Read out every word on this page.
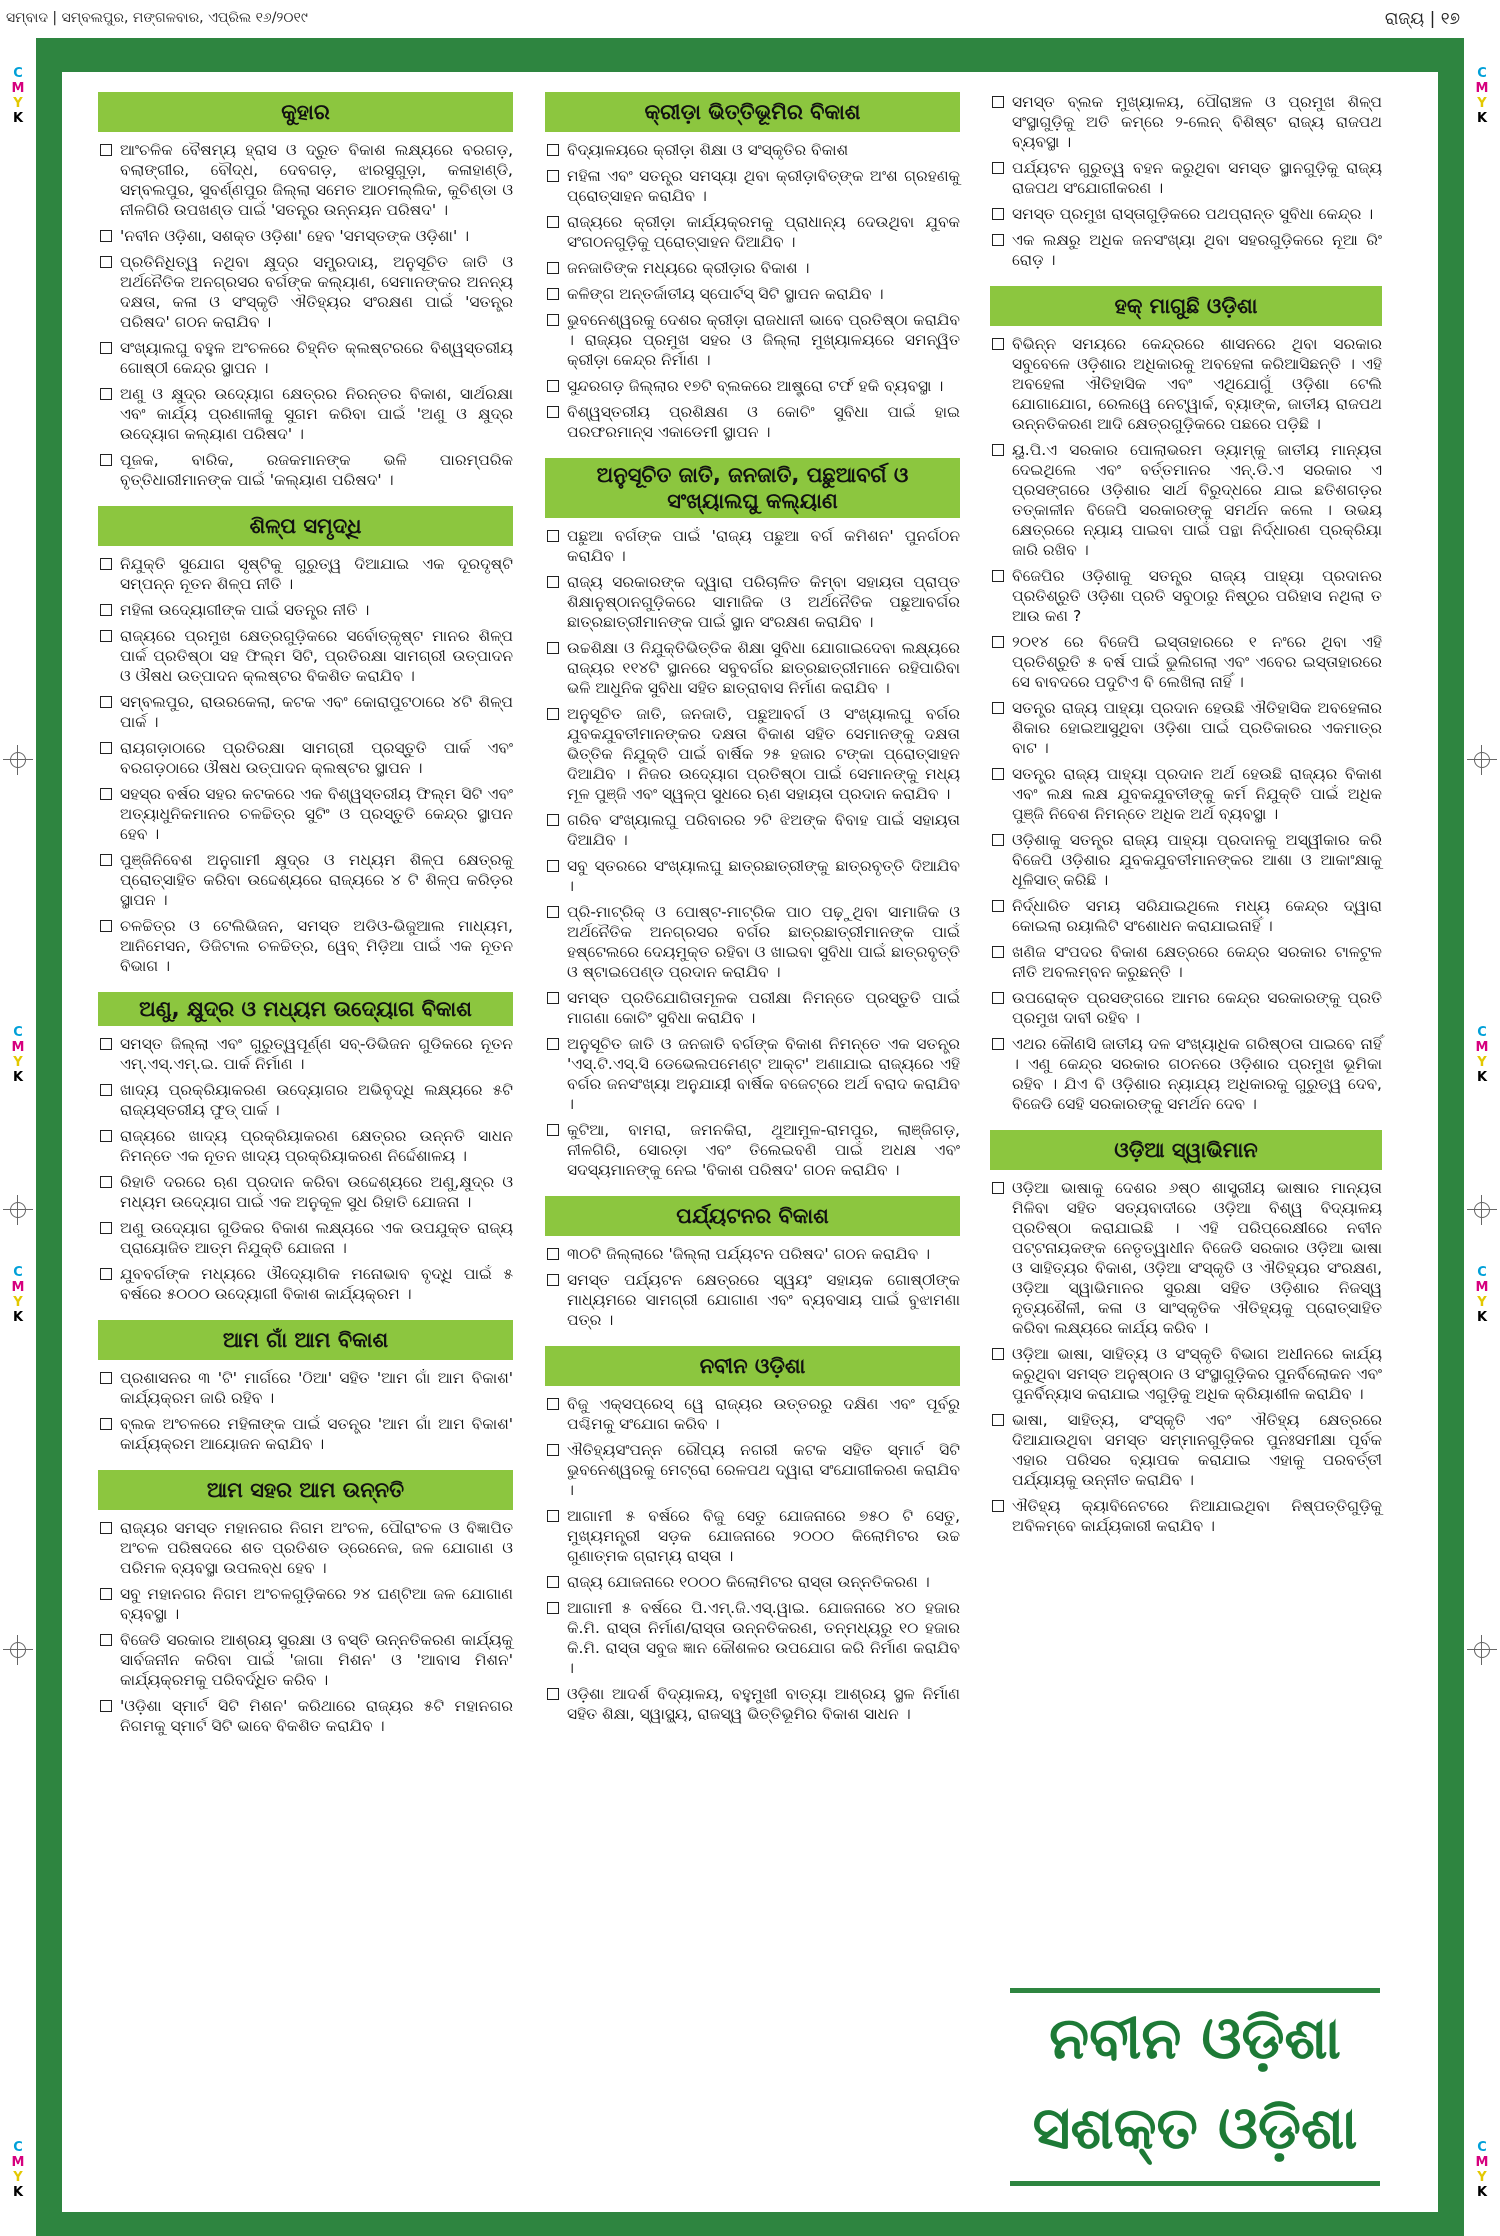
ସମ୍ବାଦ | ସମ୍ବଲପୁର, ମଙ୍ଗଳବାର, ଏପ୍ରିଲ ୧୬/୨୦୧୯	ରାଜ୍ୟ | ୧୭
C
M
Y
K
C
M
Y
K
C
M
Y
K
C
M
Y
K
C
M
Y
K
C
M
Y
K
C
M
Y
K
C
M
Y
K
କୁହାର
ଆଂଚଳିକ ବୈଷମ୍ୟ ହ୍ରାସ ଓ ଦ୍ରୁତ ବିକାଶ ଲକ୍ଷ୍ୟରେ ବରଗଡ଼, ବଲାଙ୍ଗୀର, ବୌଦ୍ଧ, ଦେବଗଡ଼, ଝାରସୁଗୁଡ଼ା, କଳାହାଣ୍ଡି, ସମ୍ବଲପୁର, ସୁବର୍ଣ୍ଣପୁର ଜିଲ୍ଲା ସମେତ ଆଠମଲ୍ଲିକ, କୁଚିଣ୍ଡା ଓ ନୀଳଗିରି ଉପଖଣ୍ଡ ପାଇଁ 'ସତନ୍ତ୍ର ଉନ୍ନୟନ ପରିଷଦ' ।
'ନବୀନ ଓଡ଼ିଶା, ସଶକ୍ତ ଓଡ଼ିଶା' ହେବ 'ସମସ୍ତଙ୍କ ଓଡ଼ିଶା' ।
ପ୍ରତିନିଧିତ୍ୱ ନଥିବା କ୍ଷୁଦ୍ର ସମ୍ପ୍ରଦାୟ, ଅନୁସୂଚିତ ଜାତି ଓ ଅର୍ଥନୈତିକ ଅନଗ୍ରସର ବର୍ଗଙ୍କ କଲ୍ୟାଣ, ସେମାନଙ୍କର ଅନନ୍ୟ ଦକ୍ଷତା, କଳା ଓ ସଂସ୍କୃତି ଐତିହ୍ୟର ସଂରକ୍ଷଣ ପାଇଁ 'ସତନ୍ତ୍ର ପରିଷଦ' ଗଠନ କରାଯିବ ।
ସଂଖ୍ୟାଲଘୁ ବହୁଳ ଅଂଚଳରେ ଚିହ୍ନିତ କ୍ଲଷ୍ଟରରେ ବିଶ୍ୱସ୍ତରୀୟ ଗୋଷ୍ଠୀ କେନ୍ଦ୍ର ସ୍ଥାପନ ।
ଅଣୁ ଓ କ୍ଷୁଦ୍ର ଉଦ୍ୟୋଗ କ୍ଷେତ୍ରର ନିରନ୍ତର ବିକାଶ, ସାର୍ଥରକ୍ଷା ଏବଂ କାର୍ଯ୍ୟ ପ୍ରଣାଳୀକୁ ସୁଗମ କରିବା ପାଇଁ 'ଅଣୁ ଓ କ୍ଷୁଦ୍ର ଉଦ୍ୟୋଗ କଲ୍ୟାଣ ପରିଷଦ' ।
ପୂଜକ, ବାରିକ, ରଜକମାନଙ୍କ ଭଳି ପାରମ୍ପରିକ ବୃତ୍ତିଧାରୀମାନଙ୍କ ପାଇଁ 'କଲ୍ୟାଣ ପରିଷଦ' ।
ଶିଳ୍ପ ସମୃଦ୍ଧି
ନିଯୁକ୍ତି ସୁଯୋଗ ସୃଷ୍ଟିକୁ ଗୁରୁତ୍ୱ ଦିଆଯାଇ ଏକ ଦୂରଦୃଷ୍ଟି ସମ୍ପନ୍ନ ନୂତନ ଶିଳ୍ପ ନୀତି ।
ମହିଳା ଉଦ୍ୟୋଗୀଙ୍କ ପାଇଁ ସତନ୍ତ୍ର ନୀତି ।
ରାଜ୍ୟରେ ପ୍ରମୁଖ କ୍ଷେତ୍ରଗୁଡ଼ିକରେ ସର୍ବୋତ୍କୃଷ୍ଟ ମାନର ଶିଳ୍ପ ପାର୍କ ପ୍ରତିଷ୍ଠା ସହ ଫିଲ୍ମ ସିଟି, ପ୍ରତିରକ୍ଷା ସାମଗ୍ରୀ ଉତ୍ପାଦନ ଓ ଔଷଧ ଉତ୍ପାଦନ କ୍ଲଷ୍ଟର ବିକଶିତ କରାଯିବ ।
ସମ୍ବଲପୁର, ରାଉରକେଲା, କଟକ ଏବଂ କୋରାପୁଟଠାରେ ୪ଟି ଶିଳ୍ପ ପାର୍କ ।
ରାୟଗଡ଼ାଠାରେ ପ୍ରତିରକ୍ଷା ସାମଗ୍ରୀ ପ୍ରସ୍ତୁତି ପାର୍କ ଏବଂ ବରଗଡ଼ଠାରେ ଔଷଧ ଉତ୍ପାଦନ କ୍ଲଷ୍ଟର ସ୍ଥାପନ ।
ସହସ୍ର ବର୍ଷର ସହର କଟକରେ ଏକ ବିଶ୍ୱସ୍ତରୀୟ ଫିଲ୍ମ ସିଟି ଏବଂ ଅତ୍ୟାଧୁନିକମାନର ଚଳଚ୍ଚିତ୍ର ସୁଟିଂ ଓ ପ୍ରସ୍ତୁତି କେନ୍ଦ୍ର ସ୍ଥାପନ ହେବ ।
ପୁଞ୍ଜିନିବେଶ ଅନୁଗାମୀ କ୍ଷୁଦ୍ର ଓ ମଧ୍ୟମ ଶିଳ୍ପ କ୍ଷେତ୍ରକୁ ପ୍ରୋତ୍ସାହିତ କରିବା ଉଦ୍ଦେଶ୍ୟରେ ରାଜ୍ୟରେ ୪ ଟି ଶିଳ୍ପ କରିଡ଼ର ସ୍ଥାପନ ।
ଚଳଚ୍ଚିତ୍ର ଓ ଟେଲିଭିଜନ, ସମସ୍ତ ଅଡିଓ-ଭିଜୁଆଲ ମାଧ୍ୟମ, ଆନିମେସନ, ଡିଜିଟାଲ ଚଳଚ୍ଚିତ୍ର, ୱେବ୍ ମିଡ଼ିଆ ପାଇଁ ଏକ ନୂତନ ବିଭାଗ ।
ଅଣୁ, କ୍ଷୁଦ୍ର ଓ ମଧ୍ୟମ ଉଦ୍ୟୋଗ ବିକାଶ
ସମସ୍ତ ଜିଲ୍ଲା ଏବଂ ଗୁରୁତ୍ୱପୂର୍ଣ୍ଣ ସବ୍-ଡିଭିଜନ ଗୁଡିକରେ ନୂତନ ଏମ୍.ଏସ୍.ଏମ୍.ଇ. ପାର୍କ ନିର୍ମାଣ ।
ଖାଦ୍ୟ ପ୍ରକ୍ରିୟାକରଣ ଉଦ୍ୟୋଗର ଅଭିବୃଦ୍ଧି ଲକ୍ଷ୍ୟରେ ୫ଟି ରାଜ୍ୟସ୍ତରୀୟ ଫୁଡ୍ ପାର୍କ ।
ରାଜ୍ୟରେ ଖାଦ୍ୟ ପ୍ରକ୍ରିୟାକରଣ କ୍ଷେତ୍ରର ଉନ୍ନତି ସାଧନ ନିମନ୍ତେ ଏକ ନୂତନ ଖାଦ୍ୟ ପ୍ରକ୍ରିୟାକରଣ ନିର୍ଦ୍ଦେଶାଳୟ ।
ରିହାତି ଦରରେ ଋଣ ପ୍ରଦାନ କରିବା ଉଦ୍ଦେଶ୍ୟରେ ଅଣୁ,କ୍ଷୁଦ୍ର ଓ ମଧ୍ୟମ ଉଦ୍ୟୋଗ ପାଇଁ ଏକ ଅନୁକୂଳ ସୁଧ ରିହାତି ଯୋଜନା ।
ଅଣୁ ଉଦ୍ୟୋଗ ଗୁଡିକର ବିକାଶ ଲକ୍ଷ୍ୟରେ ଏକ ଉପଯୁକ୍ତ ରାଜ୍ୟ ପ୍ରାୟୋଜିତ ଆତ୍ମ ନିଯୁକ୍ତି ଯୋଜନା ।
ଯୁବବର୍ଗଙ୍କ ମଧ୍ୟରେ ଔଦ୍ୟୋଗିକ ମନୋଭାବ ବୃଦ୍ଧି ପାଇଁ ୫ ବର୍ଷରେ ୫୦୦୦ ଉଦ୍ୟୋଗୀ ବିକାଶ କାର୍ଯ୍ୟକ୍ରମ ।
ଆମ ଗାଁ ଆମ ବିକାଶ
ପ୍ରଶାସନର ୩ 'ଟି' ମାର୍ଗରେ 'ଠିଆ' ସହିତ 'ଆମ ଗାଁ ଆମ ବିକାଶ' କାର୍ଯ୍ୟକ୍ରମ ଜାରି ରହିବ ।
ବ୍ଲକ ଅଂଚଳରେ ମହିଳାଙ୍କ ପାଇଁ ସତନ୍ତ୍ର 'ଆମ ଗାଁ ଆମ ବିକାଶ' କାର୍ଯ୍ୟକ୍ରମ ଆୟୋଜନ କରାଯିବ ।
ଆମ ସହର ଆମ ଉନ୍ନତି
ରାଜ୍ୟର ସମସ୍ତ ମହାନଗର ନିଗମ ଅଂଚଳ, ପୌରାଂଚଳ ଓ ବିଜ୍ଞାପିତ ଅଂଚଳ ପରିଷଦରେ ଶତ ପ୍ରତିଶତ ଡ୍ରେନେଜ, ଜଳ ଯୋଗାଣ ଓ ପରିମଳ ବ୍ୟବସ୍ଥା ଉପଲବ୍ଧ ହେବ ।
ସବୁ ମହାନଗର ନିଗମ ଅଂଚଳଗୁଡ଼ିକରେ ୨୪ ଘଣ୍ଟିଆ ଜଳ ଯୋଗାଣ ବ୍ୟବସ୍ଥା ।
ବିଜେଡି ସରକାର ଆଶ୍ରୟ ସୁରକ୍ଷା ଓ ବସ୍ତି ଉନ୍ନତିକରଣ କାର୍ଯ୍ୟକୁ ସାର୍ବଜନୀନ କରିବା ପାଇଁ 'ଜାଗା ମିଶନ' ଓ 'ଆବାସ ମିଶନ' କାର୍ଯ୍ୟକ୍ରମକୁ ପରିବର୍ଦ୍ଧିତ କରିବ ।
'ଓଡ଼ିଶା ସ୍ମାର୍ଟ ସିଟି ମିଶନ' କରିଥାରେ ରାଜ୍ୟର ୫ଟି ମହାନଗର ନିଗମକୁ ସ୍ମାର୍ଟ ସିଟି ଭାବେ ବିକଶିତ କରାଯିବ ।
କ୍ରୀଡ଼ା ଭିତ୍ତିଭୂମିର ବିକାଶ
ବିଦ୍ୟାଳୟରେ କ୍ରୀଡ଼ା ଶିକ୍ଷା ଓ ସଂସ୍କୃତିର ବିକାଶ
ମହିଳା ଏବଂ ସତନ୍ତ୍ର ସମସ୍ୟା ଥିବା କ୍ରୀଡ଼ାବିତ୍ଙ୍କ ଅଂଶ ଗ୍ରହଣକୁ ପ୍ରୋତ୍ସାହନ କରାଯିବ ।
ରାଜ୍ୟରେ କ୍ରୀଡ଼ା କାର୍ଯ୍ୟକ୍ରମକୁ ପ୍ରାଧାନ୍ୟ ଦେଉଥିବା ଯୁବକ ସଂଗଠନଗୁଡ଼ିକୁ ପ୍ରୋତ୍ସାହନ ଦିଆଯିବ ।
ଜନଜାତିଙ୍କ ମଧ୍ୟରେ କ୍ରୀଡ଼ାର ବିକାଶ ।
କଳିଙ୍ଗ ଅନ୍ତର୍ଜାତୀୟ ସ୍ପୋର୍ଟସ୍ ସିଟି ସ୍ଥାପନ କରାଯିବ ।
ଭୁବନେଶ୍ୱରକୁ ଦେଶର କ୍ରୀଡ଼ା ରାଜଧାନୀ ଭାବେ ପ୍ରତିଷ୍ଠା କରାଯିବ । ରାଜ୍ୟର ପ୍ରମୁଖ ସହର ଓ ଜିଲ୍ଲା ମୁଖ୍ୟାଳୟରେ ସମନ୍ୱିତ କ୍ରୀଡ଼ା କେନ୍ଦ୍ର ନିର୍ମାଣ ।
ସୁନ୍ଦରଗଡ଼ ଜିଲ୍ଲାର ୧୭ଟି ବ୍ଲକରେ ଆଷ୍ଟ୍ରୋ ଟର୍ଫ ହକି ବ୍ୟବସ୍ଥା ।
ବିଶ୍ୱସ୍ତରୀୟ ପ୍ରଶିକ୍ଷଣ ଓ କୋଚିଂ ସୁବିଧା ପାଇଁ ହାଇ ପରଫରମାନ୍ସ ଏକାଡେମୀ ସ୍ଥାପନ ।
ଅନୁସୂଚିତ ଜାତି, ଜନଜାତି, ପଛୁଆବର୍ଗ ଓ ସଂଖ୍ୟାଲଘୁ କଲ୍ୟାଣ
ପଛୁଆ ବର୍ଗଙ୍କ ପାଇଁ 'ରାଜ୍ୟ ପଛୁଆ ବର୍ଗ କମିଶନ' ପୁନର୍ଗଠନ କରାଯିବ ।
ରାଜ୍ୟ ସରକାରଙ୍କ ଦ୍ୱାରା ପରିଚାଳିତ କିମ୍ବା ସହାୟତା ପ୍ରାପ୍ତ ଶିକ୍ଷାନୁଷ୍ଠାନଗୁଡ଼ିକରେ ସାମାଜିକ ଓ ଅର୍ଥନୈତିକ ପଛୁଆବର୍ଗର ଛାତ୍ରଛାତ୍ରୀମାନଙ୍କ ପାଇଁ ସ୍ଥାନ ସଂରକ୍ଷଣ କରାଯିବ ।
ଉଚ୍ଚଶିକ୍ଷା ଓ ନିଯୁକ୍ତିଭିତ୍ତିକ ଶିକ୍ଷା ସୁବିଧା ଯୋଗାଇଦେବା ଲକ୍ଷ୍ୟରେ ରାଜ୍ୟର ୧୧୪ଟି ସ୍ଥାନରେ ସବୁବର୍ଗର ଛାତ୍ରଛାତ୍ରୀମାନେ ରହିପାରିବା ଭଳି ଆଧୁନିକ ସୁବିଧା ସହିତ ଛାତ୍ରାବାସ ନିର୍ମାଣ କରାଯିବ ।
ଅନୁସୂଚିତ ଜାତି, ଜନଜାତି, ପଛୁଆବର୍ଗ ଓ ସଂଖ୍ୟାଲଘୁ ବର୍ଗର ଯୁବକଯୁବତୀମାନଙ୍କର ଦକ୍ଷତା ବିକାଶ ସହିତ ସେମାନଙ୍କୁ ଦକ୍ଷତା ଭିତ୍ତିକ ନିଯୁକ୍ତି ପାଇଁ ବାର୍ଷିକ ୨୫ ହଜାର ଟଙ୍କା ପ୍ରୋତ୍ସାହନ ଦିଆଯିବ । ନିଜର ଉଦ୍ୟୋଗ ପ୍ରତିଷ୍ଠା ପାଇଁ ସେମାନଙ୍କୁ ମଧ୍ୟ ମୂଳ ପୁଞ୍ଜି ଏବଂ ସ୍ୱଳ୍ପ ସୁଧରେ ଋଣ ସହାୟତା ପ୍ରଦାନ କରାଯିବ ।
ଗରିବ ସଂଖ୍ୟାଲଘୁ ପରିବାରର ୨ଟି ଝିଅଙ୍କ ବିବାହ ପାଇଁ ସହାୟତା ଦିଆଯିବ ।
ସବୁ ସ୍ତରରେ ସଂଖ୍ୟାଲଘୁ ଛାତ୍ରଛାତ୍ରୀଙ୍କୁ ଛାତ୍ରବୃତ୍ତି ଦିଆଯିବ ।
ପ୍ରି-ମାଟ୍ରିକ୍ ଓ ପୋଷ୍ଟ-ମାଟ୍ରିକ ପାଠ ପଢ଼ୁଥିବା ସାମାଜିକ ଓ ଅର୍ଥନୈତିକ ଅନଗ୍ରସର ବର୍ଗର ଛାତ୍ରଛାତ୍ରୀମାନଙ୍କ ପାଇଁ ହଷ୍ଟେଲରେ ଦେୟମୁକ୍ତ ରହିବା ଓ ଖାଇବା ସୁବିଧା ପାଇଁ ଛାତ୍ରବୃତ୍ତି ଓ ଷ୍ଟାଇପେଣ୍ଡ ପ୍ରଦାନ କରାଯିବ ।
ସମସ୍ତ ପ୍ରତିଯୋଗିତାମୂଳକ ପରୀକ୍ଷା ନିମନ୍ତେ ପ୍ରସ୍ତୁତି ପାଇଁ ମାଗଣା କୋଚିଂ ସୁବିଧା କରାଯିବ ।
ଅନୁସୂଚିତ ଜାତି ଓ ଜନଜାତି ବର୍ଗଙ୍କ ବିକାଶ ନିମନ୍ତେ ଏକ ସତନ୍ତ୍ର 'ଏସ୍.ଟି.ଏସ୍.ସି ଡେଭେଲପମେଣ୍ଟ ଆକ୍ଟ' ଅଣାଯାଇ ରାଜ୍ୟରେ ଏହି ବର୍ଗର ଜନସଂଖ୍ୟା ଅନୁଯାୟୀ ବାର୍ଷିକ ବଜେଟ୍‌ରେ ଅର୍ଥ ବରାଦ କରାଯିବ ।
କୁଟିଆ, ବାମରା, ଜମନକିରା, ଥୁଆମୁଳ-ରାମପୁର, ଲାଞ୍ଜିଗଡ଼, ନୀଳଗିରି, ସୋରଡ଼ା ଏବଂ ତିଲେଇବଣି ପାଇଁ ଅଧକ୍ଷ ଏବଂ ସଦସ୍ୟମାନଙ୍କୁ ନେଇ 'ବିକାଶ ପରିଷଦ' ଗଠନ କରାଯିବ ।
ପର୍ଯ୍ୟଟନର ବିକାଶ
୩୦ଟି ଜିଲ୍ଲାରେ 'ଜିଲ୍ଲା ପର୍ଯ୍ୟଟନ ପରିଷଦ' ଗଠନ କରାଯିବ ।
ସମସ୍ତ ପର୍ଯ୍ୟଟନ କ୍ଷେତ୍ରରେ ସ୍ୱୟଂ ସହାୟକ ଗୋଷ୍ଠୀଙ୍କ ମାଧ୍ୟମରେ ସାମଗ୍ରୀ ଯୋଗାଣ ଏବଂ ବ୍ୟବସାୟ ପାଇଁ ବୁଝାମଣା ପତ୍ର ।
ନବୀନ ଓଡ଼ିଶା
ବିଜୁ ଏକ୍ସପ୍ରେସ୍ ୱେ ରାଜ୍ୟର ଉତ୍ତରରୁ ଦକ୍ଷିଣ ଏବଂ ପୂର୍ବରୁ ପଶ୍ଚିମକୁ ସଂଯୋଗ କରିବ ।
ଐତିହ୍ୟସଂପନ୍ନ ରୌପ୍ୟ ନଗରୀ କଟକ ସହିତ ସ୍ମାର୍ଟ ସିଟି ଭୁବନେଶ୍ୱରକୁ ମେଟ୍ରୋ ରେଳପଥ ଦ୍ୱାରା ସଂଯୋଗୀକରଣ କରାଯିବ ।
ଆଗାମୀ ୫ ବର୍ଷରେ ବିଜୁ ସେତୁ ଯୋଜନାରେ ୭୫୦ ଟି ସେତୁ, ମୁଖ୍ୟମନ୍ତ୍ରୀ ସଡ଼କ ଯୋଜନାରେ ୨୦୦୦ କିଲୋମିଟର ଉଚ୍ଚ ଗୁଣାତ୍ମକ ଗ୍ରାମ୍ୟ ରାସ୍ତା ।
ରାଜ୍ୟ ଯୋଜନାରେ ୧୦୦୦ କିଲୋମିଟର ରାସ୍ତା ଉନ୍ନତିକରଣ ।
ଆଗାମୀ ୫ ବର୍ଷରେ ପି.ଏମ୍.ଜି.ଏସ୍.ୱାଇ. ଯୋଜନାରେ ୪୦ ହଜାର କି.ମି. ରାସ୍ତା ନିର୍ମାଣ/ରାସ୍ତା ଉନ୍ନତିକରଣ, ତନ୍ମଧ୍ୟରୁ ୧୦ ହଜାର କି.ମି. ରାସ୍ତା ସବୁଜ ଜ୍ଞାନ କୌଶଳର ଉପଯୋଗ କରି ନିର୍ମାଣ କରାଯିବ ।
ଓଡ଼ିଶା ଆଦର୍ଶ ବିଦ୍ୟାଳୟ, ବହୁମୁଖୀ ବାତ୍ୟା ଆଶ୍ରୟ ସ୍ଥଳ ନିର୍ମାଣ ସହିତ ଶିକ୍ଷା, ସ୍ୱାସ୍ଥ୍ୟ, ରାଜସ୍ୱ ଭିତ୍ତିଭୂମିର ବିକାଶ ସାଧନ ।
ସମସ୍ତ ବ୍ଲକ ମୁଖ୍ୟାଳୟ, ପୌରାଞ୍ଚଳ ଓ ପ୍ରମୁଖ ଶିଳ୍ପ ସଂସ୍ଥାଗୁଡ଼ିକୁ ଅତି କମ୍‌ରେ ୨-ଲେନ୍ ବିଶିଷ୍ଟ ରାଜ୍ୟ ରାଜପଥ ବ୍ୟବସ୍ଥା ।
ପର୍ଯ୍ୟଟନ ଗୁରୁତ୍ୱ ବହନ କରୁଥିବା ସମସ୍ତ ସ୍ଥାନଗୁଡ଼ିକୁ ରାଜ୍ୟ ରାଜପଥ ସଂଯୋଗୀକରଣ ।
ସମସ୍ତ ପ୍ରମୁଖ ରାସ୍ତାଗୁଡ଼ିକରେ ପଥପ୍ରାନ୍ତ ସୁବିଧା କେନ୍ଦ୍ର ।
ଏକ ଲକ୍ଷରୁ ଅଧିକ ଜନସଂଖ୍ୟା ଥିବା ସହରଗୁଡ଼ିକରେ ନୂଆ ରିଂ ରୋଡ଼ ।
ହକ୍ ମାଗୁଛି ଓଡ଼ିଶା
ବିଭିନ୍ନ ସମୟରେ କେନ୍ଦ୍ରରେ ଶାସନରେ ଥିବା ସରକାର ସବୁବେଳେ ଓଡ଼ିଶାର ଅଧିକାରକୁ ଅବହେଳା କରିଆସିଛନ୍ତି । ଏହି ଅବହେଳା ଐତିହାସିକ ଏବଂ ଏଥିଯୋଗୁଁ ଓଡ଼ିଶା ଟେଲି ଯୋଗାଯୋଗ, ରେଲୱେ ନେଟ୍‌ୱାର୍କ, ବ୍ୟାଙ୍କ, ଜାତୀୟ ରାଜପଥ ଉନ୍ନତିକରଣ ଆଦି କ୍ଷେତ୍ରଗୁଡ଼ିକରେ ପଛରେ ପଡ଼ିଛି ।
ୟୁ.ପି.ଏ ସରକାର ପୋଲାଭରମ ଡ୍ୟାମ୍‌କୁ ଜାତୀୟ ମାନ୍ୟତା ଦେଇଥିଲେ ଏବଂ ବର୍ତ୍ତମାନର ଏନ୍.ଡି.ଏ ସରକାର ଏ ପ୍ରସଙ୍ଗରେ ଓଡ଼ିଶାର ସାର୍ଥ ବିରୁଦ୍ଧରେ ଯାଇ ଛତିଶଗଡ଼ର ତତ୍କାଳୀନ ବିଜେପି ସରକାରଙ୍କୁ ସମର୍ଥନ କଲେ । ଉଭୟ କ୍ଷେତ୍ରରେ ନ୍ୟାୟ ପାଇବା ପାଇଁ ପନ୍ଥା ନିର୍ଦ୍ଧାରଣ ପ୍ରକ୍ରିୟା ଜାରି ରଖିବ ।
ବିଜେପିର ଓଡ଼ିଶାକୁ ସତନ୍ତ୍ର ରାଜ୍ୟ ପାହ୍ୟା ପ୍ରଦାନର ପ୍ରତିଶ୍ରୁତି ଓଡ଼ିଶା ପ୍ରତି ସବୁଠାରୁ ନିଷ୍ଠୁର ପରିହାସ ନଥିଲା ତ ଆଉ କଣ ?
୨୦୧୪ ରେ ବିଜେପି ଇସ୍ତାହାରରେ ୧ ନଂରେ ଥିବା ଏହି ପ୍ରତିଶ୍ରୁତି ୫ ବର୍ଷ ପାଇଁ ଭୁଲିଗଲା ଏବଂ ଏବେର ଇସ୍ତାହାରରେ ସେ ବାବଦରେ ପଦୁଟିଏ ବି ଲେଖିଲା ନାହିଁ ।
ସତନ୍ତ୍ର ରାଜ୍ୟ ପାହ୍ୟା ପ୍ରଦାନ ହେଉଛି ଐତିହାସିକ ଅବହେଳାର ଶିକାର ହୋଇଆସୁଥିବା ଓଡ଼ିଶା ପାଇଁ ପ୍ରତିକାରର ଏକମାତ୍ର ବାଟ ।
ସତନ୍ତ୍ର ରାଜ୍ୟ ପାହ୍ୟା ପ୍ରଦାନ ଅର୍ଥ ହେଉଛି ରାଜ୍ୟର ବିକାଶ ଏବଂ ଲକ୍ଷ ଲକ୍ଷ ଯୁବକଯୁବତୀଙ୍କୁ କର୍ମ ନିଯୁକ୍ତି ପାଇଁ ଅଧିକ ପୁଞ୍ଜି ନିବେଶ ନିମନ୍ତେ ଅଧିକ ଅର୍ଥ ବ୍ୟବସ୍ଥା ।
ଓଡ଼ିଶାକୁ ସତନ୍ତ୍ର ରାଜ୍ୟ ପାହ୍ୟା ପ୍ରଦାନକୁ ଅସ୍ୱୀକାର କରି ବିଜେପି ଓଡ଼ିଶାର ଯୁବକଯୁବତୀମାନଙ୍କର ଆଶା ଓ ଆକାଂକ୍ଷାକୁ ଧୂଳିସାତ୍ କରିଛି ।
ନିର୍ଦ୍ଧାରିତ ସମୟ ସରିଯାଇଥିଲେ ମଧ୍ୟ କେନ୍ଦ୍ର ଦ୍ୱାରା କୋଇଲା ରୟାଲିଟି ସଂଶୋଧନ କରାଯାଇନାହିଁ ।
ଖଣିଜ ସଂପଦର ବିକାଶ କ୍ଷେତ୍ରରେ କେନ୍ଦ୍ର ସରକାର ଟାଳଟୁଳ ନୀତି ଅବଲମ୍ବନ କରୁଛନ୍ତି ।
ଉପରୋକ୍ତ ପ୍ରସଙ୍ଗରେ ଆମର କେନ୍ଦ୍ର ସରକାରଙ୍କୁ ପ୍ରତି ପ୍ରମୁଖ ଦାବୀ ରହିବ ।
ଏଥର କୌଣସି ଜାତୀୟ ଦଳ ସଂଖ୍ୟାଧିକ ଗରିଷ୍ଠତା ପାଇବେ ନାହିଁ । ଏଣୁ କେନ୍ଦ୍ର ସରକାର ଗଠନରେ ଓଡ଼ିଶାର ପ୍ରମୁଖ ଭୂମିକା ରହିବ । ଯିଏ ବି ଓଡ଼ିଶାର ନ୍ୟାଯ୍ୟ ଅଧିକାରକୁ ଗୁରୁତ୍ୱ ଦେବ, ବିଜେଡି ସେହି ସରକାରଙ୍କୁ ସମର୍ଥନ ଦେବ ।
ଓଡ଼ିଆ ସ୍ୱାଭିମାନ
ଓଡ଼ିଆ ଭାଷାକୁ ଦେଶର ୬ଷ୍ଠ ଶାସ୍ତ୍ରୀୟ ଭାଷାର ମାନ୍ୟତା ମିଳିବା ସହିତ ସତ୍ୟବାଦୀରେ ଓଡ଼ିଆ ବିଶ୍ୱ ବିଦ୍ୟାଳୟ ପ୍ରତିଷ୍ଠା କରାଯାଇଛି । ଏହି ପରିପ୍ରେକ୍ଷୀରେ ନବୀନ ପଟ୍ଟନାୟକଙ୍କ ନେତୃତ୍ୱାଧୀନ ବିଜେଡି ସରକାର ଓଡ଼ିଆ ଭାଷା ଓ ସାହିତ୍ୟର ବିକାଶ, ଓଡ଼ିଆ ସଂସ୍କୃତି ଓ ଐତିହ୍ୟର ସଂରକ୍ଷଣ, ଓଡ଼ିଆ ସ୍ୱାଭିମାନର ସୁରକ୍ଷା ସହିତ ଓଡ଼ିଶାର ନିଜସ୍ୱ ନୃତ୍ୟଶୈଳୀ, କଳା ଓ ସାଂସ୍କୃତିକ ଐତିହ୍ୟକୁ ପ୍ରୋତ୍ସାହିତ କରିବା ଲକ୍ଷ୍ୟରେ କାର୍ଯ୍ୟ କରିବ ।
ଓଡ଼ିଆ ଭାଷା, ସାହିତ୍ୟ ଓ ସଂସ୍କୃତି ବିଭାଗ ଅଧୀନରେ କାର୍ଯ୍ୟ କରୁଥିବା ସମସ୍ତ ଅନୁଷ୍ଠାନ ଓ ସଂସ୍ଥାଗୁଡ଼ିକର ପୁନର୍ବିଲୋକନ ଏବଂ ପୁନର୍ବିନ୍ୟାସ କରାଯାଇ ଏଗୁଡ଼ିକୁ ଅଧିକ କ୍ରିୟାଶୀଳ କରାଯିବ ।
ଭାଷା, ସାହିତ୍ୟ, ସଂସ୍କୃତି ଏବଂ ଐତିହ୍ୟ କ୍ଷେତ୍ରରେ ଦିଆଯାଉଥିବା ସମସ୍ତ ସମ୍ମାନଗୁଡ଼ିକର ପୁନଃସମୀକ୍ଷା ପୂର୍ବକ ଏହାର ପରିସର ବ୍ୟାପକ କରାଯାଇ ଏହାକୁ ପରବର୍ତ୍ତୀ ପର୍ଯ୍ୟାୟକୁ ଉନ୍ନୀତ କରାଯିବ ।
ଐତିହ୍ୟ କ୍ୟାବିନେଟରେ ନିଆଯାଇଥିବା ନିଷ୍ପତ୍ତିଗୁଡ଼ିକୁ ଅବିଳମ୍ବେ କାର୍ଯ୍ୟକାରୀ କରାଯିବ ।
ନବୀନ ଓଡ଼ିଶା
ସଶକ୍ତ ଓଡ଼ିଶା
